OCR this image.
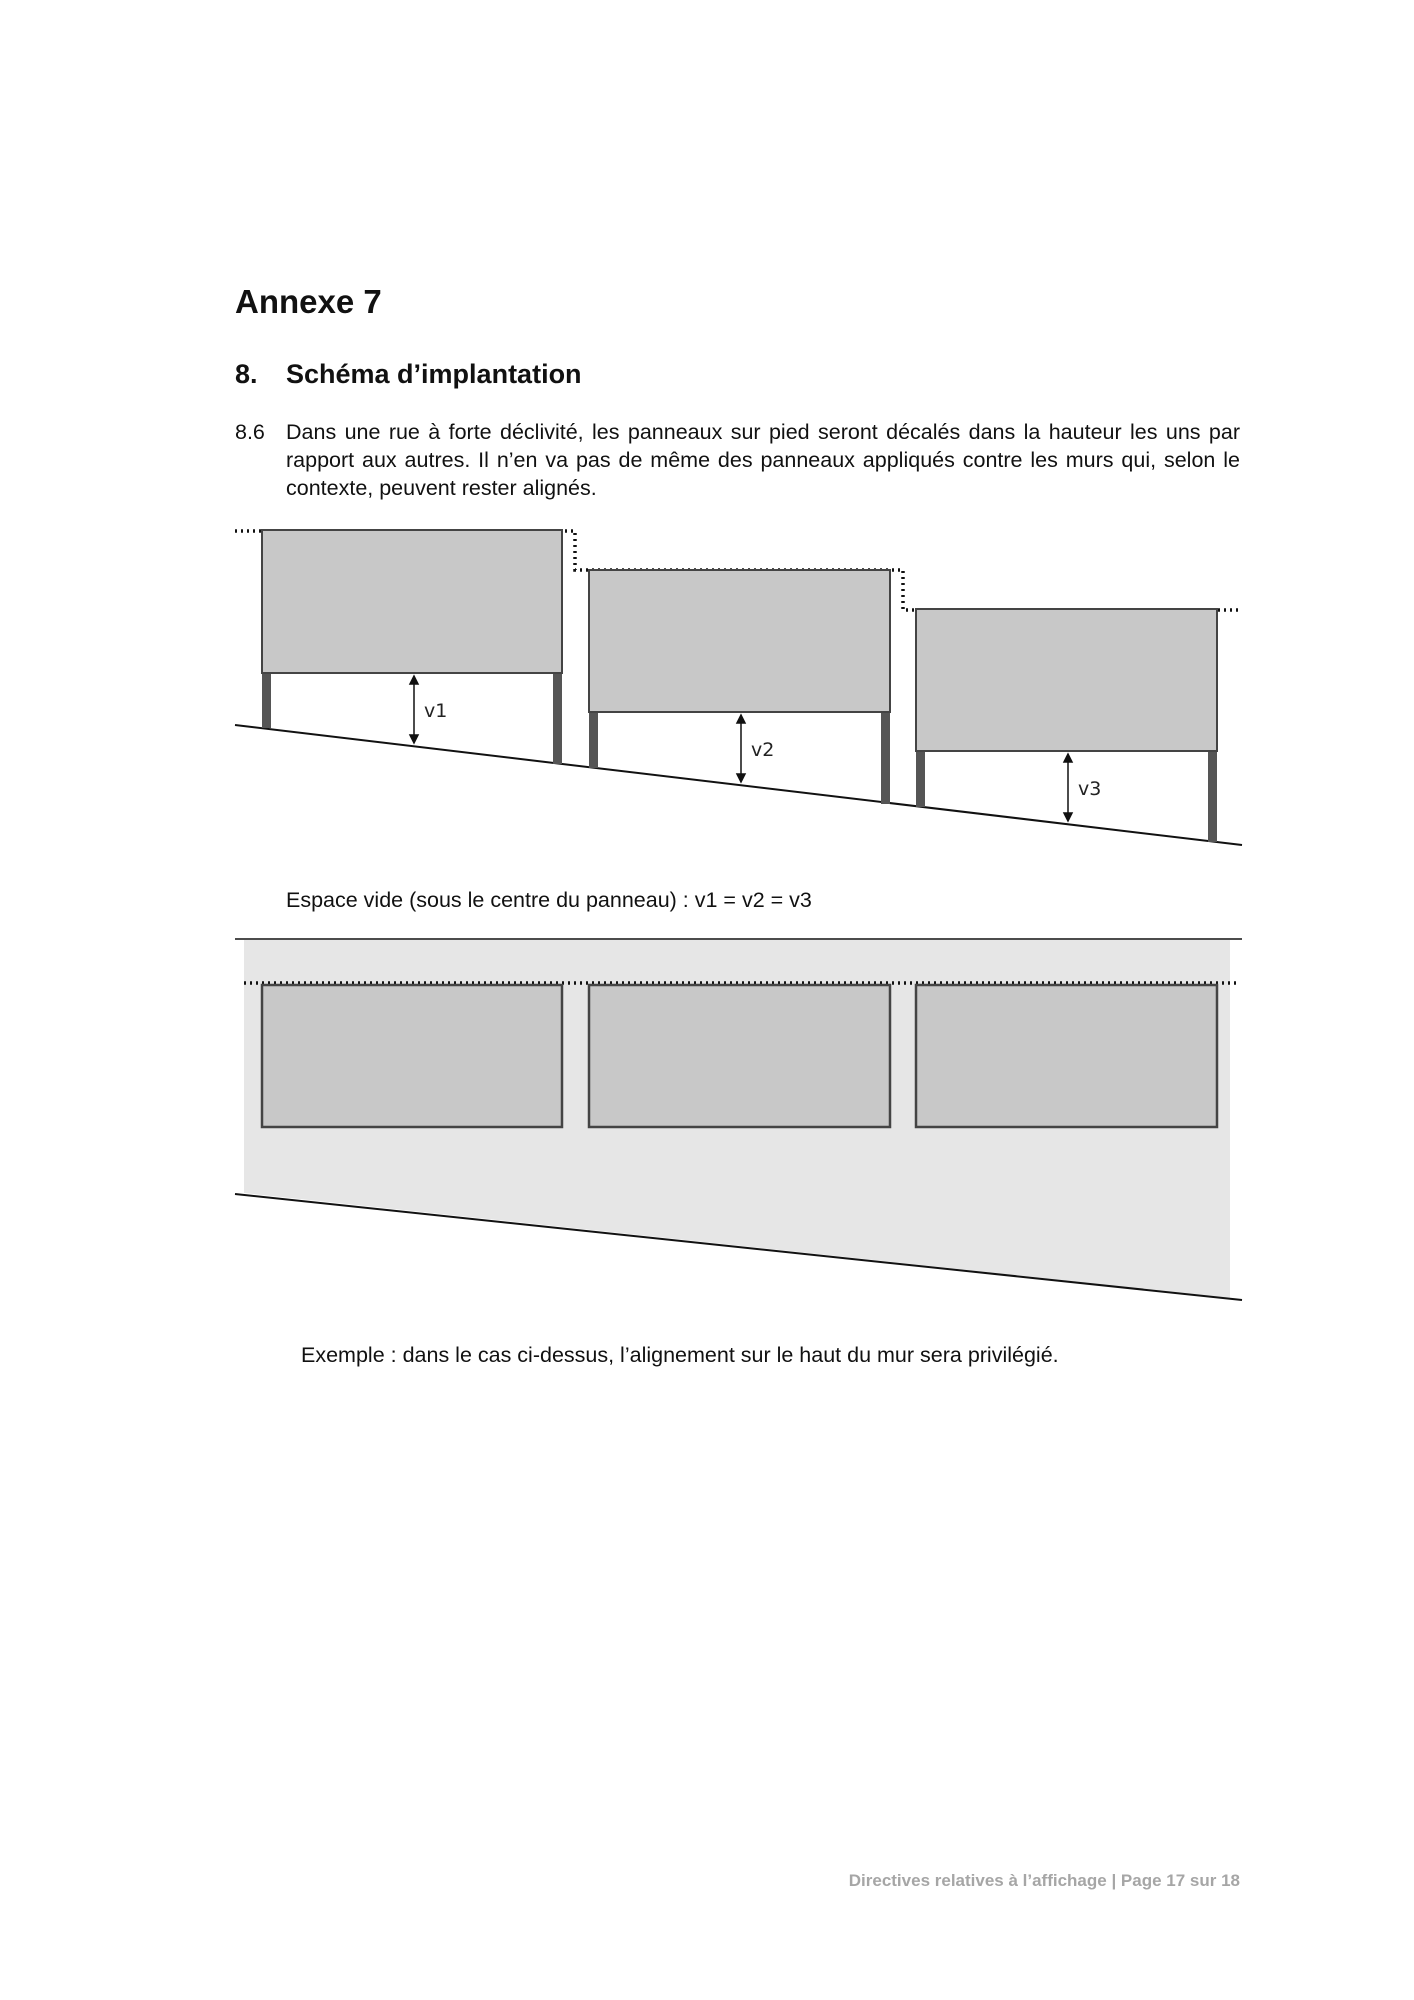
Annexe 7
8. Schéma d’implantation
8.6 Dans une rue à forte déclivité, les panneaux sur pied seront décalés dans la hauteur les uns par rapport aux autres. Il n’en va pas de même des panneaux appliqués contre les murs qui, selon le contexte, peuvent rester alignés.
v1
v2
v3
Espace vide (sous le centre du panneau) : v1 = v2 = v3
Exemple : dans le cas ci-dessus, l’alignement sur le haut du mur sera privilégié.
Directives relatives à l’affichage | Page 17 sur 18
